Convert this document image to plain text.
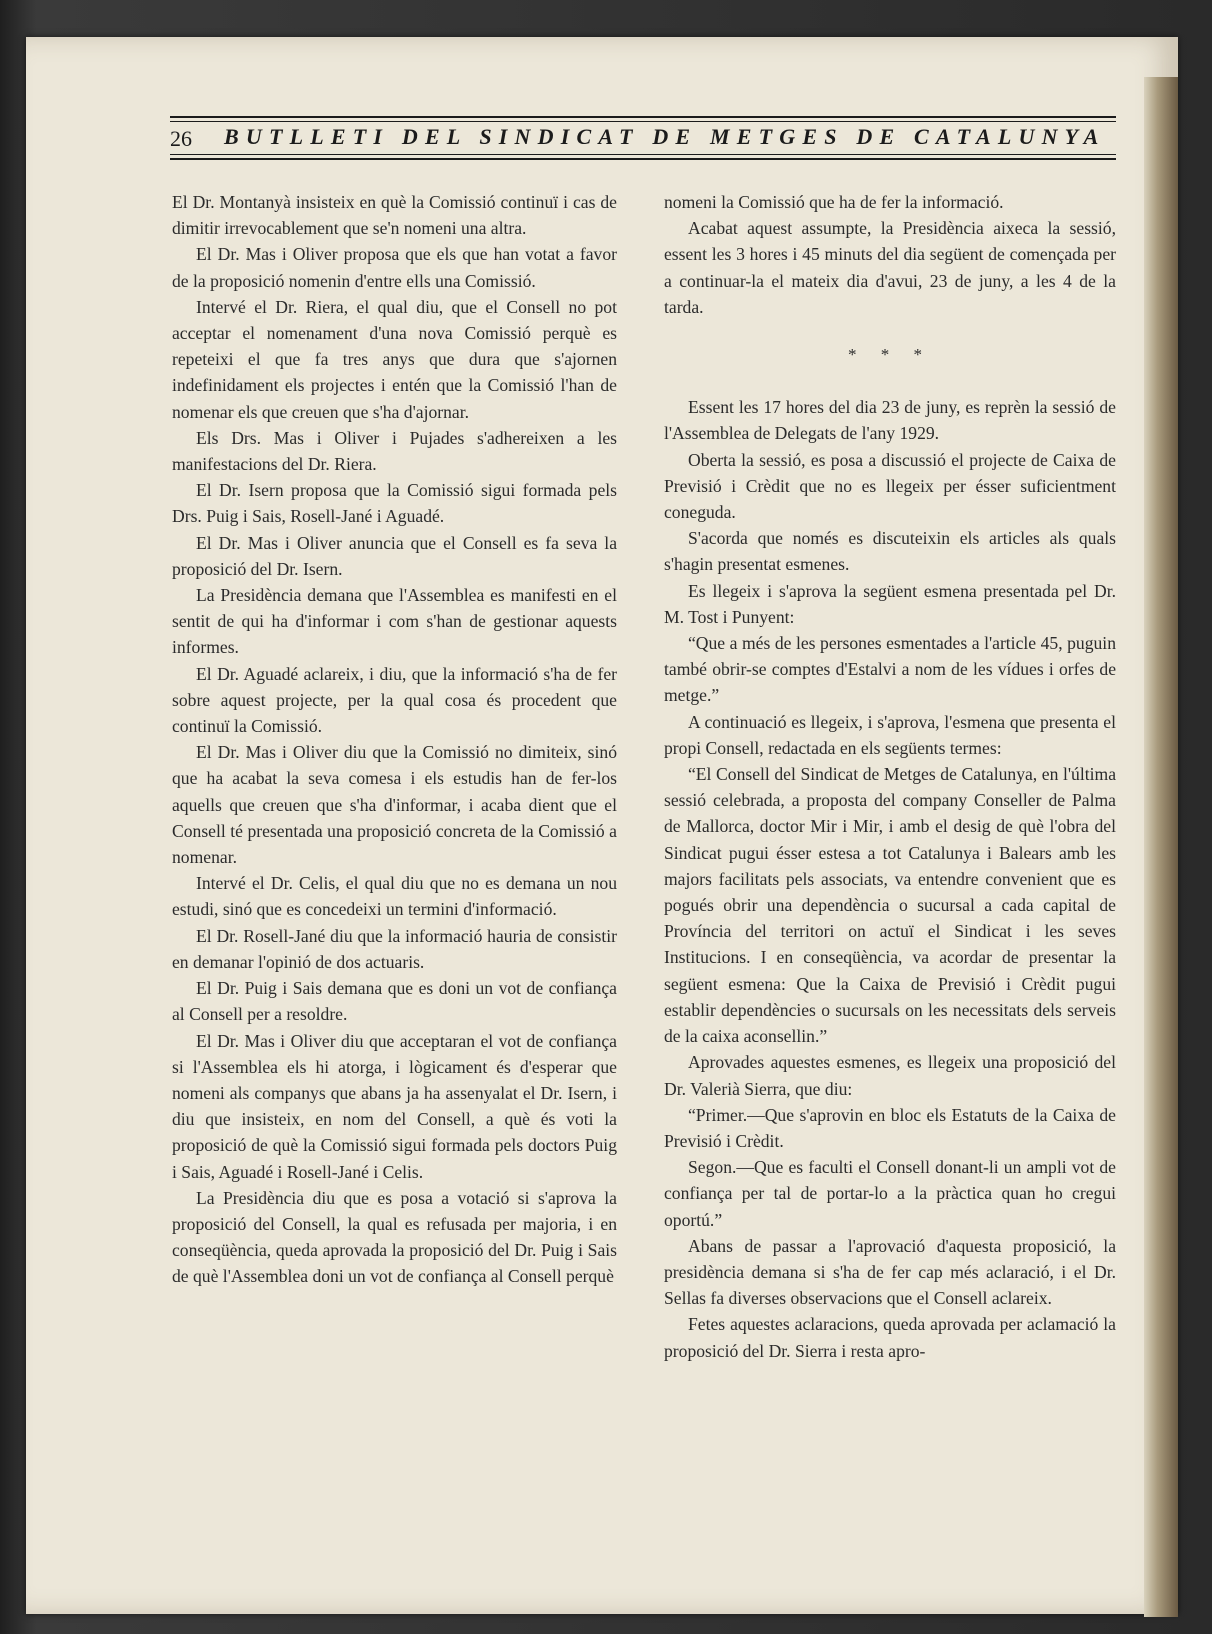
26 BUTLLETI DEL SINDICAT DE METGES DE CATALUNYA

El Dr. Montanyà insisteix en què la Comissió continuï i cas de dimitir irrevocablement que se'n nomeni una altra.

El Dr. Mas i Oliver proposa que els que han votat a favor de la proposició nomenin d'entre ells una Comissió.

Intervé el Dr. Riera, el qual diu, que el Consell no pot acceptar el nomenament d'una nova Comissió perquè es repeteixi el que fa tres anys que dura que s'ajornen indefinidament els projectes i entén que la Comissió l'han de nomenar els que creuen que s'ha d'ajornar.

Els Drs. Mas i Oliver i Pujades s'adhereixen a les manifestacions del Dr. Riera.

El Dr. Isern proposa que la Comissió sigui formada pels Drs. Puig i Sais, Rosell-Jané i Aguadé.

El Dr. Mas i Oliver anuncia que el Consell es fa seva la proposició del Dr. Isern.

La Presidència demana que l'Assemblea es manifesti en el sentit de qui ha d'informar i com s'han de gestionar aquests informes.

El Dr. Aguadé aclareix, i diu, que la informació s'ha de fer sobre aquest projecte, per la qual cosa és procedent que continuï la Comissió.

El Dr. Mas i Oliver diu que la Comissió no dimiteix, sinó que ha acabat la seva comesa i els estudis han de fer-los aquells que creuen que s'ha d'informar, i acaba dient que el Consell té presentada una proposició concreta de la Comissió a nomenar.

Intervé el Dr. Celis, el qual diu que no es demana un nou estudi, sinó que es concedeixi un termini d'informació.

El Dr. Rosell-Jané diu que la informació hauria de consistir en demanar l'opinió de dos actuaris.

El Dr. Puig i Sais demana que es doni un vot de confiança al Consell per a resoldre.

El Dr. Mas i Oliver diu que acceptaran el vot de confiança si l'Assemblea els hi atorga, i lògicament és d'esperar que nomeni als companys que abans ja ha assenyalat el Dr. Isern, i diu que insisteix, en nom del Consell, a què és voti la proposició de què la Comissió sigui formada pels doctors Puig i Sais, Aguadé i Rosell-Jané i Celis.

La Presidència diu que es posa a votació si s'aprova la proposició del Consell, la qual es refusada per majoria, i en conseqüència, queda aprovada la proposició del Dr. Puig i Sais de què l'Assemblea doni un vot de confiança al Consell perquè

nomeni la Comissió que ha de fer la informació.

Acabat aquest assumpte, la Presidència aixeca la sessió, essent les 3 hores i 45 minuts del dia següent de començada per a continuar-la el mateix dia d'avui, 23 de juny, a les 4 de la tarda.

* * *

Essent les 17 hores del dia 23 de juny, es reprèn la sessió de l'Assemblea de Delegats de l'any 1929.

Oberta la sessió, es posa a discussió el projecte de Caixa de Previsió i Crèdit que no es llegeix per ésser suficientment coneguda.

S'acorda que només es discuteixin els articles als quals s'hagin presentat esmenes.

Es llegeix i s'aprova la següent esmena presentada pel Dr. M. Tost i Punyent:

“Que a més de les persones esmentades a l'article 45, puguin també obrir-se comptes d'Estalvi a nom de les vídues i orfes de metge.”

A continuació es llegeix, i s'aprova, l'esmena que presenta el propi Consell, redactada en els següents termes:

“El Consell del Sindicat de Metges de Catalunya, en l'última sessió celebrada, a proposta del company Conseller de Palma de Mallorca, doctor Mir i Mir, i amb el desig de què l'obra del Sindicat pugui ésser estesa a tot Catalunya i Balears amb les majors facilitats pels associats, va entendre convenient que es pogués obrir una dependència o sucursal a cada capital de Província del territori on actuï el Sindicat i les seves Institucions. I en conseqüència, va acordar de presentar la següent esmena: Que la Caixa de Previsió i Crèdit pugui establir dependències o sucursals on les necessitats dels serveis de la caixa aconsellin.”

Aprovades aquestes esmenes, es llegeix una proposició del Dr. Valerià Sierra, que diu:

“Primer.—Que s'aprovin en bloc els Estatuts de la Caixa de Previsió i Crèdit.

Segon.—Que es faculti el Consell donant-li un ampli vot de confiança per tal de portar-lo a la pràctica quan ho cregui oportú.”

Abans de passar a l'aprovació d'aquesta proposició, la presidència demana si s'ha de fer cap més aclaració, i el Dr. Sellas fa diverses observacions que el Consell aclareix.

Fetes aquestes aclaracions, queda aprovada per aclamació la proposició del Dr. Sierra i resta apro-
